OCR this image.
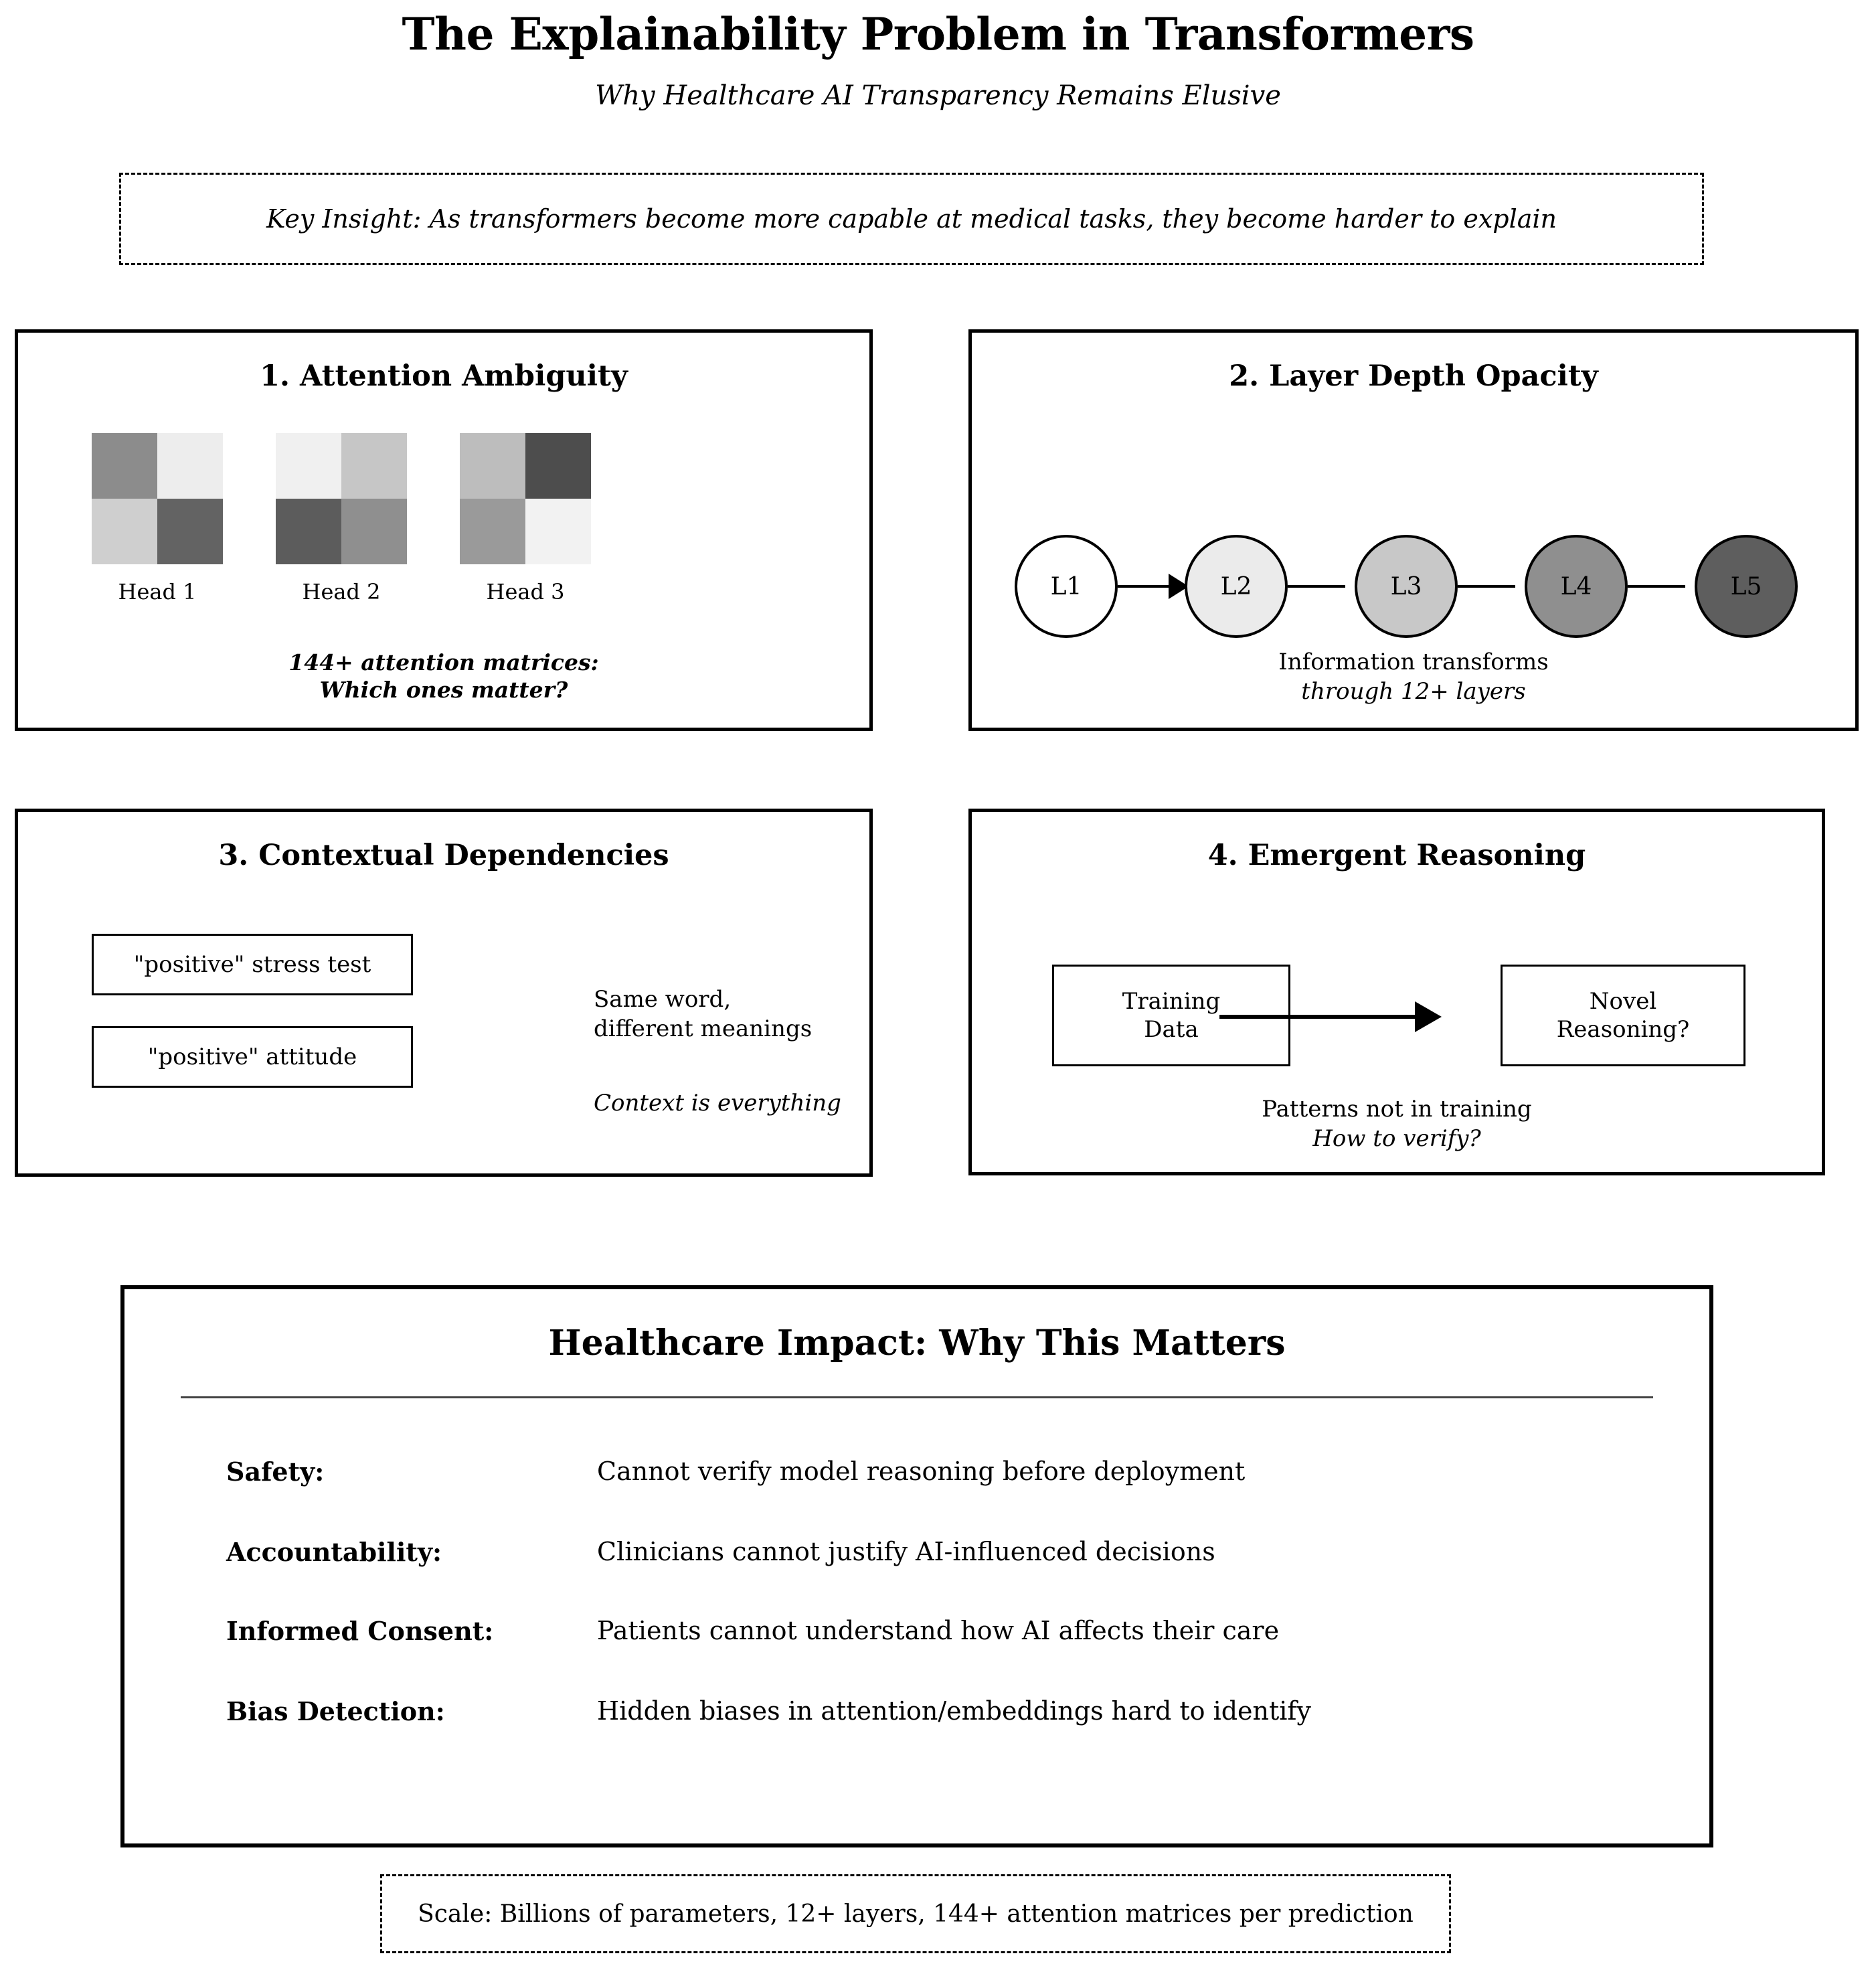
The Explainability Problem in Transformers
Why Healthcare AI Transparency Remains Elusive
Key Insight: As transformers become more capable at medical tasks, they become harder to explain
1. Attention Ambiguity
Head 1	Head 2	Head 3
144+ attention matrices:
Which ones matter?
2. Layer Depth Opacity
L1	L2	L3	L4	L5
Information transforms
through 12+ layers
3. Contextual Dependencies
"positive" stress test
"positive" attitude
Same word,
different meanings
Context is everything
4. Emergent Reasoning
Training
Data
Novel
Reasoning?
Patterns not in training
How to verify?
Healthcare Impact: Why This Matters
Safety:	Cannot verify model reasoning before deployment
Accountability:	Clinicians cannot justify AI-influenced decisions
Informed Consent:	Patients cannot understand how AI affects their care
Bias Detection:	Hidden biases in attention/embeddings hard to identify
Scale: Billions of parameters, 12+ layers, 144+ attention matrices per prediction
